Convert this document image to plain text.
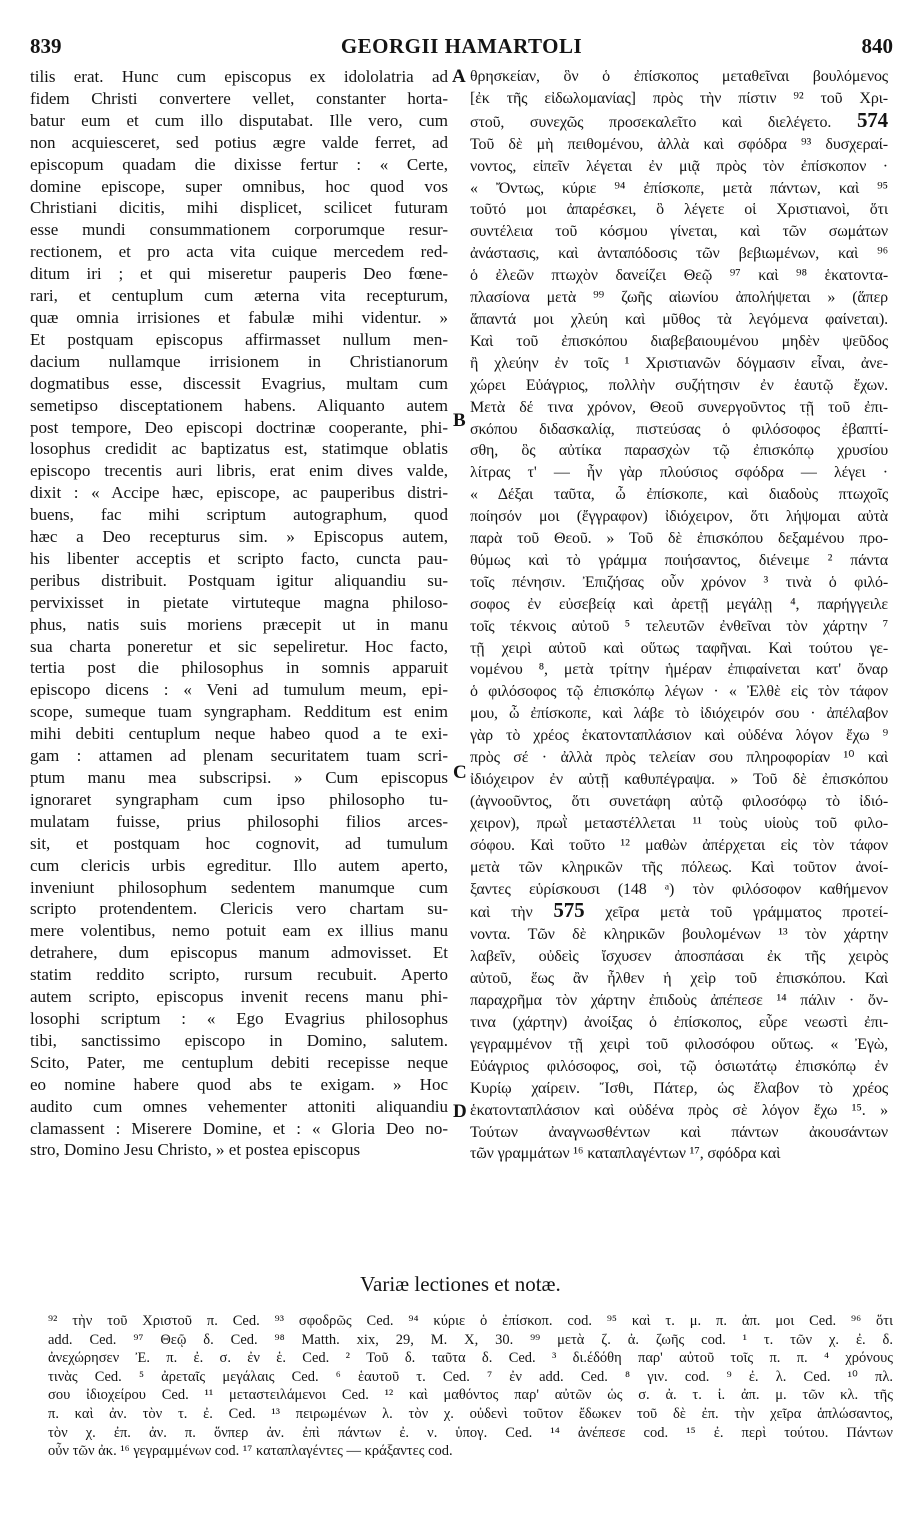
839	GEORGII HAMARTOLI	840
tilis erat. Hunc cum episcopus ex idololatria ad
fidem Christi convertere vellet, constanter horta-
batur eum et cum illo disputabat. Ille vero, cum
non acquiesceret, sed potius ægre valde ferret, ad
episcopum quadam die dixisse fertur : « Certe,
domine episcope, super omnibus, hoc quod vos
Christiani dicitis, mihi displicet, scilicet futuram
esse mundi consummationem corporumque resur-
rectionem, et pro acta vita cuique mercedem red-
ditum iri ; et qui miseretur pauperis Deo fœne-
rari, et centuplum cum æterna vita recepturum,
quæ omnia irrisiones et fabulæ mihi videntur. »
Et postquam episcopus affirmasset nullum men-
dacium nullamque irrisionem in Christianorum
dogmatibus esse, discessit Evagrius, multam cum
semetipso disceptationem habens. Aliquanto autem
post tempore, Deo episcopi doctrinæ cooperante, phi-
losophus credidit ac baptizatus est, statimque oblatis
episcopo trecentis auri libris, erat enim dives valde,
dixit : « Accipe hæc, episcope, ac pauperibus distri-
buens, fac mihi scriptum autographum, quod
hæc a Deo recepturus sim. » Episcopus autem,
his libenter acceptis et scripto facto, cuncta pau-
peribus distribuit. Postquam igitur aliquandiu su-
pervixisset in pietate virtuteque magna philoso-
phus, natis suis moriens præcepit ut in manu
sua charta poneretur et sic sepeliretur. Hoc facto,
tertia post die philosophus in somnis apparuit
episcopo dicens : « Veni ad tumulum meum, epi-
scope, sumeque tuam syngrapham. Redditum est enim
mihi debiti centuplum neque habeo quod a te exi-
gam : attamen ad plenam securitatem tuam scri-
ptum manu mea subscripsi. » Cum episcopus
ignoraret syngrapham cum ipso philosopho tu-
mulatam fuisse, prius philosophi filios arces-
sit, et postquam hoc cognovit, ad tumulum
cum clericis urbis egreditur. Illo autem aperto,
inveniunt philosophum sedentem manumque cum
scripto protendentem. Clericis vero chartam su-
mere volentibus, nemo potuit eam ex illius manu
detrahere, dum episcopus manum admovisset. Et
statim reddito scripto, rursum recubuit. Aperto
autem scripto, episcopus invenit recens manu phi-
losophi scriptum : « Ego Evagrius philosophus
tibi, sanctissimo episcopo in Domino, salutem.
Scito, Pater, me centuplum debiti recepisse neque
eo nomine habere quod abs te exigam. » Hoc
audito cum omnes vehementer attoniti aliquandiu
clamassent : Miserere Domine, et : « Gloria Deo no-
stro, Domino Jesu Christo, » et postea episcopus
θρησκείαν, ὃν ὁ ἐπίσκοπος μεταθεῖναι βουλόμενος
[ἐκ τῆς εἰδωλομανίας] πρὸς τὴν πίστιν ⁹² τοῦ Χρι-
στοῦ, συνεχῶς προσεκαλεῖτο καὶ διελέγετο. 574
Τοῦ δὲ μὴ πειθομένου, ἀλλὰ καὶ σφόδρα ⁹³ δυσχεραί-
νοντος, εἰπεῖν λέγεται ἐν μιᾷ πρὸς τὸν ἐπίσκοπον ·
« Ὄντως, κύριε ⁹⁴ ἐπίσκοπε, μετὰ πάντων, καὶ ⁹⁵
τοῦτό μοι ἀπαρέσκει, ὃ λέγετε οἱ Χριστιανοὶ, ὅτι
συντέλεια τοῦ κόσμου γίνεται, καὶ τῶν σωμάτων
ἀνάστασις, καὶ ἀνταπόδοσις τῶν βεβιωμένων, καὶ ⁹⁶
ὁ ἐλεῶν πτωχὸν δανείζει Θεῷ ⁹⁷ καὶ ⁹⁸ ἑκατοντα-
πλασίονα μετὰ ⁹⁹ ζωῆς αἰωνίου ἀπολήψεται » (ἅπερ
ἅπαντά μοι χλεύη καὶ μῦθος τὰ λεγόμενα φαίνεται).
Καὶ τοῦ ἐπισκόπου διαβεβαιουμένου μηδὲν ψεῦδος
ἢ χλεύην ἐν τοῖς ¹ Χριστιανῶν δόγμασιν εἶναι, ἀνε-
χώρει Εὐάγριος, πολλὴν συζήτησιν ἐν ἑαυτῷ ἔχων.
Μετὰ δέ τινα χρόνον, Θεοῦ συνεργοῦντος τῇ τοῦ ἐπι-
σκόπου διδασκαλίᾳ, πιστεύσας ὁ φιλόσοφος ἐβαπτί-
σθη, ὃς αὐτίκα παρασχὼν τῷ ἐπισκόπῳ χρυσίου
λίτρας τ' — ἦν γὰρ πλούσιος σφόδρα — λέγει ·
« Δέξαι ταῦτα, ὦ ἐπίσκοπε, καὶ διαδοὺς πτωχοῖς
ποίησόν μοι (ἔγγραφον) ἰδιόχειρον, ὅτι λήψομαι αὐτὰ
παρὰ τοῦ Θεοῦ. » Τοῦ δὲ ἐπισκόπου δεξαμένου προ-
θύμως καὶ τὸ γράμμα ποιήσαντος, διένειμε ² πάντα
τοῖς πένησιν. Ἐπιζήσας οὖν χρόνον ³ τινὰ ὁ φιλό-
σοφος ἐν εὐσεβείᾳ καὶ ἀρετῇ μεγάλῃ ⁴, παρήγγειλε
τοῖς τέκνοις αὐτοῦ ⁵ τελευτῶν ἐνθεῖναι τὸν χάρτην ⁷
τῇ χειρὶ αὐτοῦ καὶ οὕτως ταφῆναι. Καὶ τούτου γε-
νομένου ⁸, μετὰ τρίτην ἡμέραν ἐπιφαίνεται κατ' ὄναρ
ὁ φιλόσοφος τῷ ἐπισκόπῳ λέγων · « Ἐλθὲ εἰς τὸν τάφον
μου, ὦ ἐπίσκοπε, καὶ λάβε τὸ ἰδιόχειρόν σου · ἀπέλαβον
γὰρ τὸ χρέος ἑκατονταπλάσιον καὶ οὐδένα λόγον ἔχω ⁹
πρὸς σέ · ἀλλὰ πρὸς τελείαν σου πληροφορίαν ¹⁰ καὶ
ἰδιόχειρον ἐν αὐτῇ καθυπέγραψα. » Τοῦ δὲ ἐπισκόπου
(ἀγνοοῦντος, ὅτι συνετάφη αὐτῷ φιλοσόφῳ τὸ ἰδιό-
χειρον), πρωῒ μεταστέλλεται ¹¹ τοὺς υἱοὺς τοῦ φιλο-
σόφου. Καὶ τοῦτο ¹² μαθὼν ἀπέρχεται εἰς τὸν τάφον
μετὰ τῶν κληρικῶν τῆς πόλεως. Καὶ τοῦτον ἀνοί-
ξαντες εὑρίσκουσι (148 ᵃ) τὸν φιλόσοφον καθήμενον
καὶ τὴν 575 χεῖρα μετὰ τοῦ γράμματος προτεί-
νοντα. Τῶν δὲ κληρικῶν βουλομένων ¹³ τὸν χάρτην
λαβεῖν, οὐδεὶς ἴσχυσεν ἀποσπάσαι ἐκ τῆς χειρὸς
αὐτοῦ, ἕως ἂν ἦλθεν ἡ χεὶρ τοῦ ἐπισκόπου. Καὶ
παραχρῆμα τὸν χάρτην ἐπιδοὺς ἀπέπεσε ¹⁴ πάλιν · ὄν-
τινα (χάρτην) ἀνοίξας ὁ ἐπίσκοπος, εὗρε νεωστὶ ἐπι-
γεγραμμένον τῇ χειρὶ τοῦ φιλοσόφου οὕτως. « Ἐγὼ,
Εὐάγριος φιλόσοφος, σοὶ, τῷ ὁσιωτάτῳ ἐπισκόπῳ ἐν
Κυρίῳ χαίρειν. Ἴσθι, Πάτερ, ὡς ἔλαβον τὸ χρέος
ἑκατονταπλάσιον καὶ οὐδένα πρὸς σὲ λόγον ἔχω ¹⁵. »
Τούτων ἀναγνωσθέντων καὶ πάντων ἀκουσάντων
τῶν γραμμάτων ¹⁶ καταπλαγέντων ¹⁷, σφόδρα καὶ
A
B
C
D
Variæ lectiones et notæ.
⁹² τὴν τοῦ Χριστοῦ π. Ced. ⁹³ σφοδρῶς Ced. ⁹⁴ κύριε ὁ ἐπίσκοπ. cod. ⁹⁵ καὶ τ. μ. π. ἀπ. μοι Ced. ⁹⁶ ὅτι
add. Ced. ⁹⁷ Θεῷ δ. Ced. ⁹⁸ Matth. xix, 29, M. X, 30. ⁹⁹ μετὰ ζ. ἀ. ζωῆς cod. ¹ τ. τῶν χ. ἐ. δ.
ἀνεχώρησεν Ἐ. π. ἐ. σ. ἐν ἑ. Ced. ² Τοῦ δ. ταῦτα δ. Ced. ³ δι.έδόθη παρ' αὐτοῦ τοῖς π. π. ⁴ χρόνους
τινὰς Ced. ⁵ ἀρεταῖς μεγάλαις Ced. ⁶ ἑαυτοῦ τ. Ced. ⁷ ἐν add. Ced. ⁸ γιν. cod. ⁹ ἐ. λ. Ced. ¹⁰ πλ.
σου ἰδιοχείρου Ced. ¹¹ μεταστειλάμενοι Ced. ¹² καὶ μαθόντος παρ' αὐτῶν ὡς σ. ἀ. τ. ἰ. ἀπ. μ. τῶν κλ. τῆς
π. καὶ ἀν. τὸν τ. ἐ. Ced. ¹³ πειρωμένων λ. τὸν χ. οὐδενὶ τοῦτον ἔδωκεν τοῦ δὲ ἐπ. τὴν χεῖρα ἁπλώσαντος,
τὸν χ. ἐπ. ἀν. π. ὅνπερ ἀν. ἐπὶ πάντων ἐ. ν. ὑπογ. Ced. ¹⁴ ἀνέπεσε cod. ¹⁵ ἐ. περὶ τούτου. Πάντων
οὖν τῶν ἀκ. ¹⁶ γεγραμμένων cod. ¹⁷ καταπλαγέντες — κράξαντες cod.
